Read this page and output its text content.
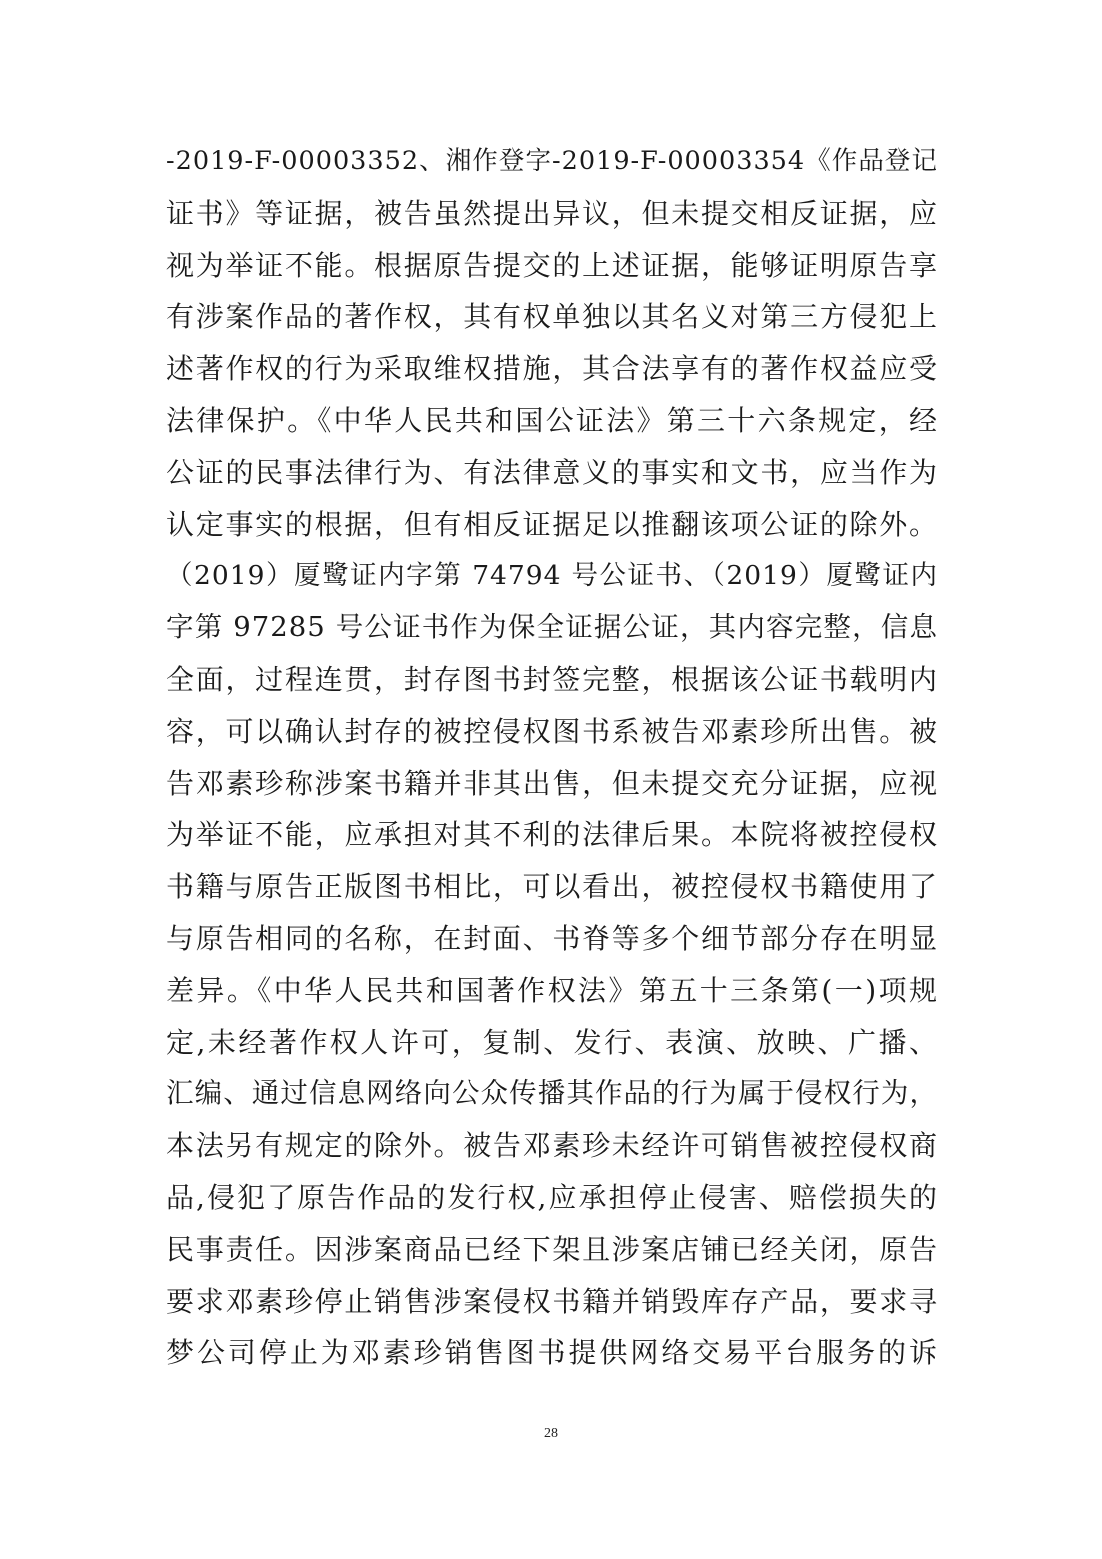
-2019-F-00003352、湘作登字-2019-F-00003354《作品登记
证书》等证据，被告虽然提出异议，但未提交相反证据，应
视为举证不能。根据原告提交的上述证据，能够证明原告享
有涉案作品的著作权，其有权单独以其名义对第三方侵犯上
述著作权的行为采取维权措施，其合法享有的著作权益应受
法律保护。《中华人民共和国公证法》第三十六条规定，经
公证的民事法律行为、有法律意义的事实和文书，应当作为
认定事实的根据，但有相反证据足以推翻该项公证的除外。
（2019）厦鹭证内字第 74794 号公证书、（2019）厦鹭证内
字第 97285 号公证书作为保全证据公证，其内容完整，信息
全面，过程连贯，封存图书封签完整，根据该公证书载明内
容，可以确认封存的被控侵权图书系被告邓素珍所出售。被
告邓素珍称涉案书籍并非其出售，但未提交充分证据，应视
为举证不能，应承担对其不利的法律后果。本院将被控侵权
书籍与原告正版图书相比，可以看出，被控侵权书籍使用了
与原告相同的名称，在封面、书脊等多个细节部分存在明显
差异。《中华人民共和国著作权法》第五十三条第(一)项规
定,未经著作权人许可，复制、发行、表演、放映、广播、
汇编、通过信息网络向公众传播其作品的行为属于侵权行为，
本法另有规定的除外。被告邓素珍未经许可销售被控侵权商
品,侵犯了原告作品的发行权,应承担停止侵害、赔偿损失的
民事责任。因涉案商品已经下架且涉案店铺已经关闭，原告
要求邓素珍停止销售涉案侵权书籍并销毁库存产品，要求寻
梦公司停止为邓素珍销售图书提供网络交易平台服务的诉
28
